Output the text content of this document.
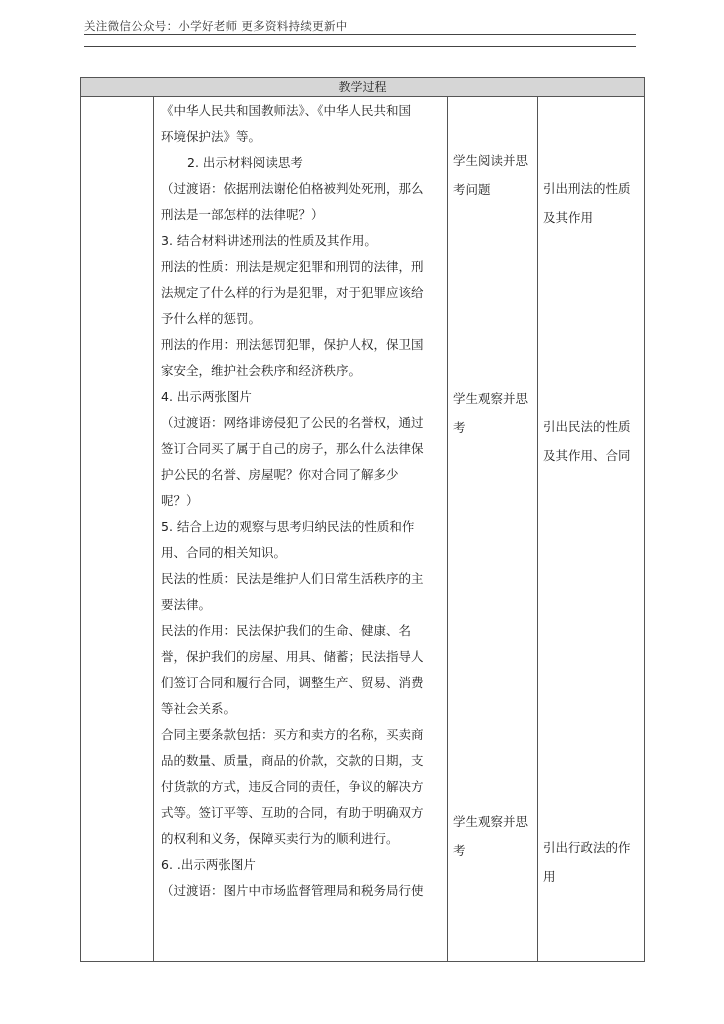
关注微信公众号：小学好老师 更多资料持续更新中
教学过程

《中华人民共和国教师法》、《中华人民共和国

环境保护法》等。

2. 出示材料阅读思考

（过渡语：依据刑法谢伦伯格被判处死刑，那么

刑法是一部怎样的法律呢？）

3. 结合材料讲述刑法的性质及其作用。

刑法的性质：刑法是规定犯罪和刑罚的法律，刑

法规定了什么样的行为是犯罪，对于犯罪应该给

予什么样的惩罚。

刑法的作用：刑法惩罚犯罪，保护人权，保卫国

家安全，维护社会秩序和经济秩序。

4. 出示两张图片

（过渡语：网络诽谤侵犯了公民的名誉权，通过

签订合同买了属于自己的房子，那么什么法律保

护公民的名誉、房屋呢？你对合同了解多少

呢？）

5. 结合上边的观察与思考归纳民法的性质和作

用、合同的相关知识。

民法的性质：民法是维护人们日常生活秩序的主

要法律。

民法的作用：民法保护我们的生命、健康、名

誉，保护我们的房屋、用具、储蓄；民法指导人

们签订合同和履行合同，调整生产、贸易、消费

等社会关系。

合同主要条款包括：买方和卖方的名称，买卖商

品的数量、质量，商品的价款，交款的日期，支

付货款的方式，违反合同的责任，争议的解决方

式等。签订平等、互助的合同，有助于明确双方

的权利和义务，保障买卖行为的顺利进行。

6. .出示两张图片

（过渡语：图片中市场监督管理局和税务局行使

学生阅读并思
考问题
学生观察并思
考
学生观察并思
考
引出刑法的性质
及其作用
引出民法的性质
及其作用、合同
引出行政法的作
用
